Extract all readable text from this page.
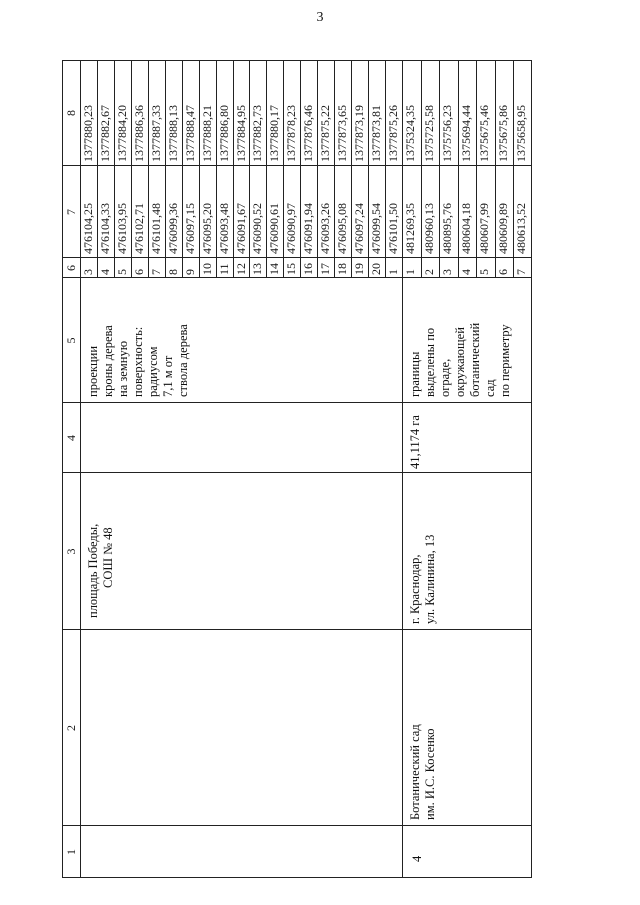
3
1
2
3
4
5
6
7
8
3
476104,25
1377880,23
4
476104,33
1377882,67
5
476103,95
1377884,20
6
476102,71
1377886,36
7
476101,48
1377887,33
8
476099,36
1377888,13
9
476097,15
1377888,47
10
476095,20
1377888,21
11
476093,48
1377886,80
12
476091,67
1377884,95
13
476090,52
1377882,73
14
476090,61
1377880,17
15
476090,97
1377878,23
16
476091,94
1377876,46
17
476093,26
1377875,22
18
476095,08
1377873,65
19
476097,24
1377873,19
20
476099,54
1377873,81
1
476101,50
1377875,26
площадь Победы, СОШ № 48
проекции кроны дерева на земную поверхность: радиусом 7,1 м от ствола дерева
1
481269,35
1375324,35
2
480960,13
1375725,58
3
480895,76
1375756,23
4
480604,18
1375694,44
5
480607,99
1375675,46
6
480609,89
1375675,86
7
480613,52
1375658,95
4
Ботанический сад им. И.С. Косенко
г. Краснодар, ул. Калинина, 13
41,1174 га
границы выделены по ограде, окружающей ботанический сад по периметру
